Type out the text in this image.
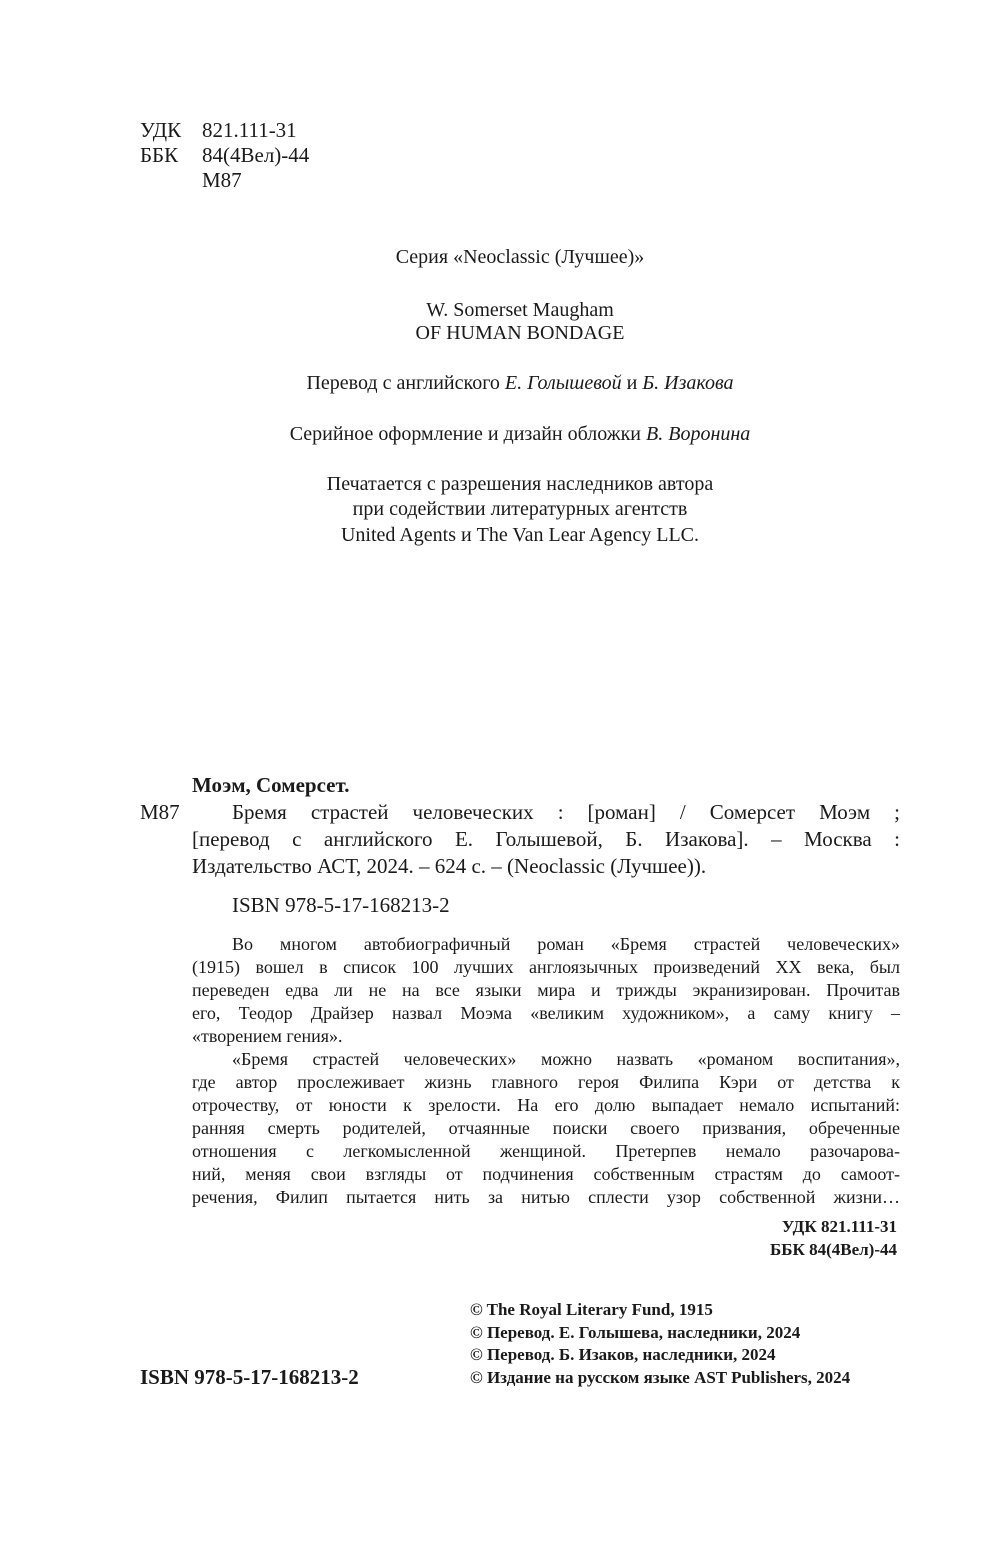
УДК 821.111-31
ББК 84(4Вел)-44
М87
Серия «Neoclassic (Лучшее)»
W. Somerset Maugham
OF HUMAN BONDAGE
Перевод с английского Е. Голышевой и Б. Изакова
Серийное оформление и дизайн обложки В. Воронина
Печатается с разрешения наследников автора
при содействии литературных агентств
United Agents и The Van Lear Agency LLC.
Моэм, Сомерсет.
М87 Бремя страстей человеческих : [роман] / Сомерсет Моэм ;
[перевод с английского Е. Голышевой, Б. Изакова]. – Москва :
Издательство АСТ, 2024. – 624 с. – (Neoclassic (Лучшее)).
ISBN 978-5-17-168213-2
Во многом автобиографичный роман «Бремя страстей человеческих»
(1915) вошел в список 100 лучших англоязычных произведений XX века, был
переведен едва ли не на все языки мира и трижды экранизирован. Прочитав
его, Теодор Драйзер назвал Моэма «великим художником», а саму книгу –
«творением гения».
«Бремя страстей человеческих» можно назвать «романом воспитания»,
где автор прослеживает жизнь главного героя Филипа Кэри от детства к
отрочеству, от юности к зрелости. На его долю выпадает немало испытаний:
ранняя смерть родителей, отчаянные поиски своего призвания, обреченные
отношения с легкомысленной женщиной. Претерпев немало разочарова-
ний, меняя свои взгляды от подчинения собственным страстям до самоот-
речения, Филип пытается нить за нитью сплести узор собственной жизни…
УДК 821.111-31
ББК 84(4Вел)-44
© The Royal Literary Fund, 1915
© Перевод. Е. Голышева, наследники, 2024
© Перевод. Б. Изаков, наследники, 2024
© Издание на русском языке AST Publishers, 2024
ISBN 978-5-17-168213-2
